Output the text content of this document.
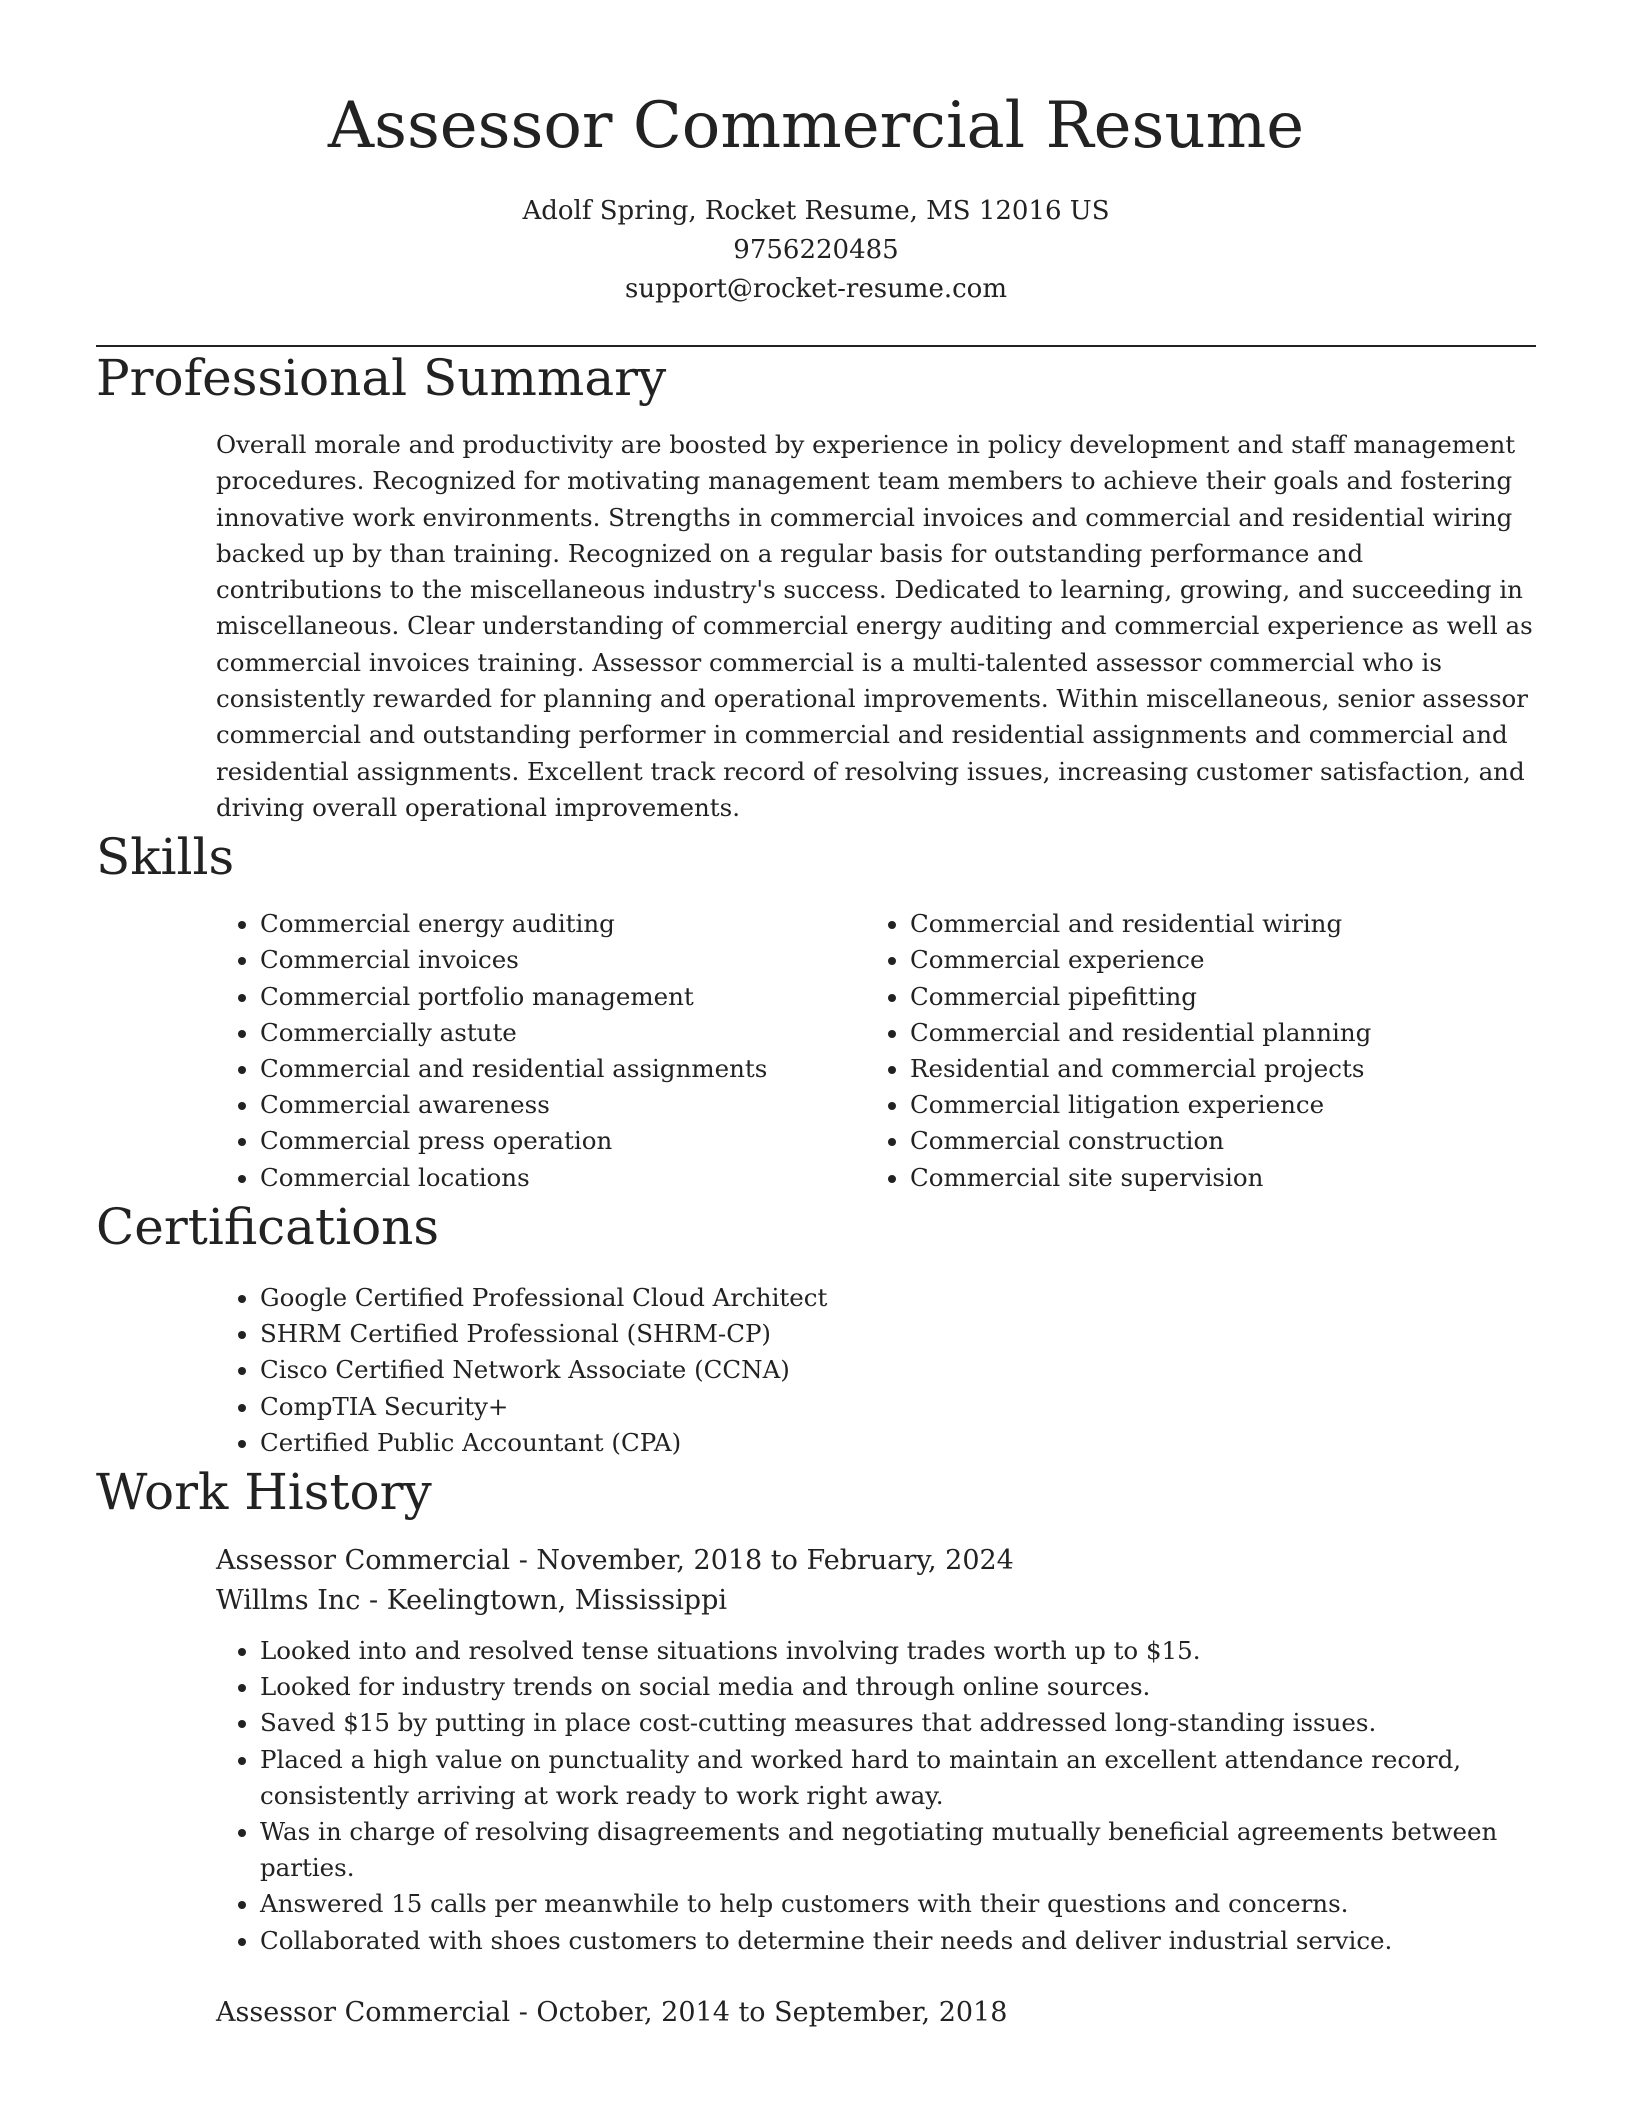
Assessor Commercial Resume
Adolf Spring, Rocket Resume, MS 12016 US
9756220485
support@rocket-resume.com
Professional Summary

Overall morale and productivity are boosted by experience in policy development and staff management procedures. Recognized for motivating management team members to achieve their goals and fostering innovative work environments. Strengths in commercial invoices and commercial and residential wiring backed up by than training. Recognized on a regular basis for outstanding performance and contributions to the miscellaneous industry's success. Dedicated to learning, growing, and succeeding in miscellaneous. Clear understanding of commercial energy auditing and commercial experience as well as commercial invoices training. Assessor commercial is a multi-talented assessor commercial who is consistently rewarded for planning and operational improvements. Within miscellaneous, senior assessor commercial and outstanding performer in commercial and residential assignments and commercial and residential assignments. Excellent track record of resolving issues, increasing customer satisfaction, and driving overall operational improvements.

Skills
• Commercial energy auditing
• Commercial invoices
• Commercial portfolio management
• Commercially astute
• Commercial and residential assignments
• Commercial awareness
• Commercial press operation
• Commercial locations
• Commercial and residential wiring
• Commercial experience
• Commercial pipefitting
• Commercial and residential planning
• Residential and commercial projects
• Commercial litigation experience
• Commercial construction
• Commercial site supervision
Certifications
• Google Certified Professional Cloud Architect
• SHRM Certified Professional (SHRM-CP)
• Cisco Certified Network Associate (CCNA)
• CompTIA Security+
• Certified Public Accountant (CPA)
Work History
Assessor Commercial - November, 2018 to February, 2024
Willms Inc - Keelingtown, Mississippi
• Looked into and resolved tense situations involving trades worth up to $15.
• Looked for industry trends on social media and through online sources.
• Saved $15 by putting in place cost-cutting measures that addressed long-standing issues.
• Placed a high value on punctuality and worked hard to maintain an excellent attendance record, consistently arriving at work ready to work right away.
• Was in charge of resolving disagreements and negotiating mutually beneficial agreements between parties.
• Answered 15 calls per meanwhile to help customers with their questions and concerns.
• Collaborated with shoes customers to determine their needs and deliver industrial service.
Assessor Commercial - October, 2014 to September, 2018
